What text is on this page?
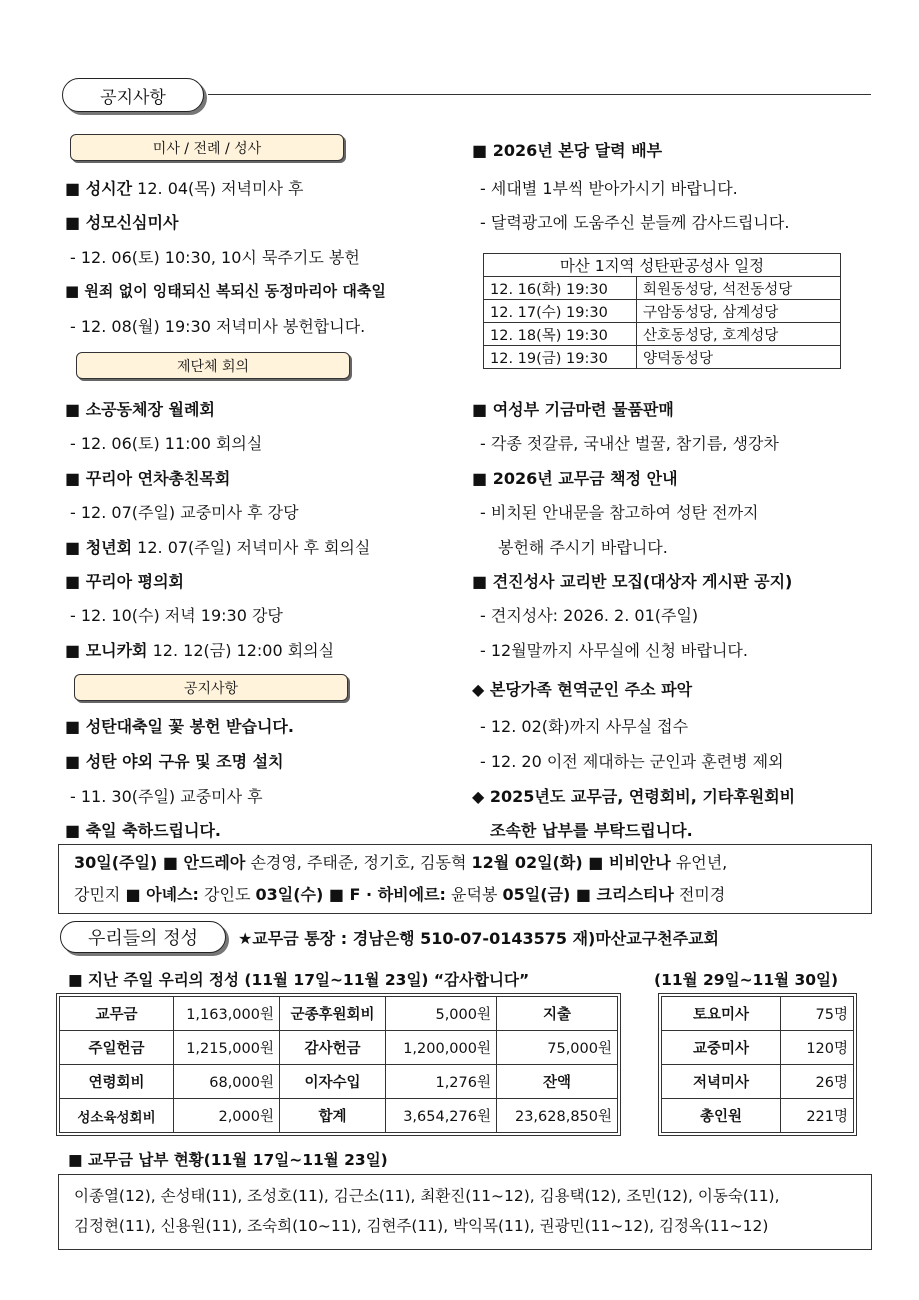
공지사항
미사 / 전례 / 성사
■ 성시간 12. 04(목) 저녁미사 후
■ 성모신심미사
- 12. 06(토) 10:30, 10시 묵주기도 봉헌
■ 원죄 없이 잉태되신 복되신 동정마리아 대축일
- 12. 08(월) 19:30 저녁미사 봉헌합니다.
제단체 회의
■ 소공동체장 월례회
- 12. 06(토) 11:00 회의실
■ 꾸리아 연차총친목회
- 12. 07(주일) 교중미사 후 강당
■ 청년회 12. 07(주일) 저녁미사 후 회의실
■ 꾸리아 평의회
- 12. 10(수) 저녁 19:30 강당
■ 모니카회 12. 12(금) 12:00 회의실
공지사항
■ 성탄대축일 꽃 봉헌 받습니다.
■ 성탄 야외 구유 및 조명 설치
- 11. 30(주일) 교중미사 후
■ 축일 축하드립니다.
■ 2026년 본당 달력 배부
- 세대별 1부씩 받아가시기 바랍니다.
- 달력광고에 도움주신 분들께 감사드립니다.
마산 1지역 성탄판공성사 일정	
12. 16(화) 19:30	회원동성당, 석전동성당
12. 17(수) 19:30	구암동성당, 삼계성당
12. 18(목) 19:30	산호동성당, 호계성당
12. 19(금) 19:30	양덕동성당
■ 여성부 기금마련 물품판매
- 각종 젓갈류, 국내산 벌꿀, 참기름, 생강차
■ 2026년 교무금 책정 안내
- 비치된 안내문을 참고하여 성탄 전까지
봉헌해 주시기 바랍니다.
■ 견진성사 교리반 모집(대상자 게시판 공지)
- 견지성사: 2026. 2. 01(주일)
- 12월말까지 사무실에 신청 바랍니다.
◆ 본당가족 현역군인 주소 파악
- 12. 02(화)까지 사무실 접수
- 12. 20 이전 제대하는 군인과 훈련병 제외
◆ 2025년도 교무금, 연령회비, 기타후원회비
조속한 납부를 부탁드립니다.
30일(주일) ■ 안드레아 손경영, 주태준, 정기호, 김동혁 12월 02일(화) ■ 비비안나 유언년,
강민지 ■ 아녜스: 강인도 03일(수) ■ F · 하비에르: 윤덕봉 05일(금) ■ 크리스티나 전미경
우리들의 정성	★교무금 통장 : 경남은행 510-07-0143575 재)마산교구천주교회
■ 지난 주일 우리의 정성 (11월 17일~11월 23일) “감사합니다”	(11월 29일~11월 30일)
교무금	1,163,000원	군종후원회비	5,000원	지출
주일헌금	1,215,000원	감사헌금	1,200,000원	75,000원
연령회비	68,000원	이자수입	1,276원	잔액
성소육성회비	2,000원	합계	3,654,276원	23,628,850원
토요미사	75명
교중미사	120명
저녁미사	26명
총인원	221명
■ 교무금 납부 현황(11월 17일~11월 23일)
이종열(12), 손성태(11), 조성호(11), 김근소(11), 최환진(11~12), 김용택(12), 조민(12), 이동숙(11),
김정현(11), 신용원(11), 조숙희(10~11), 김현주(11), 박익목(11), 권광민(11~12), 김정옥(11~12)
